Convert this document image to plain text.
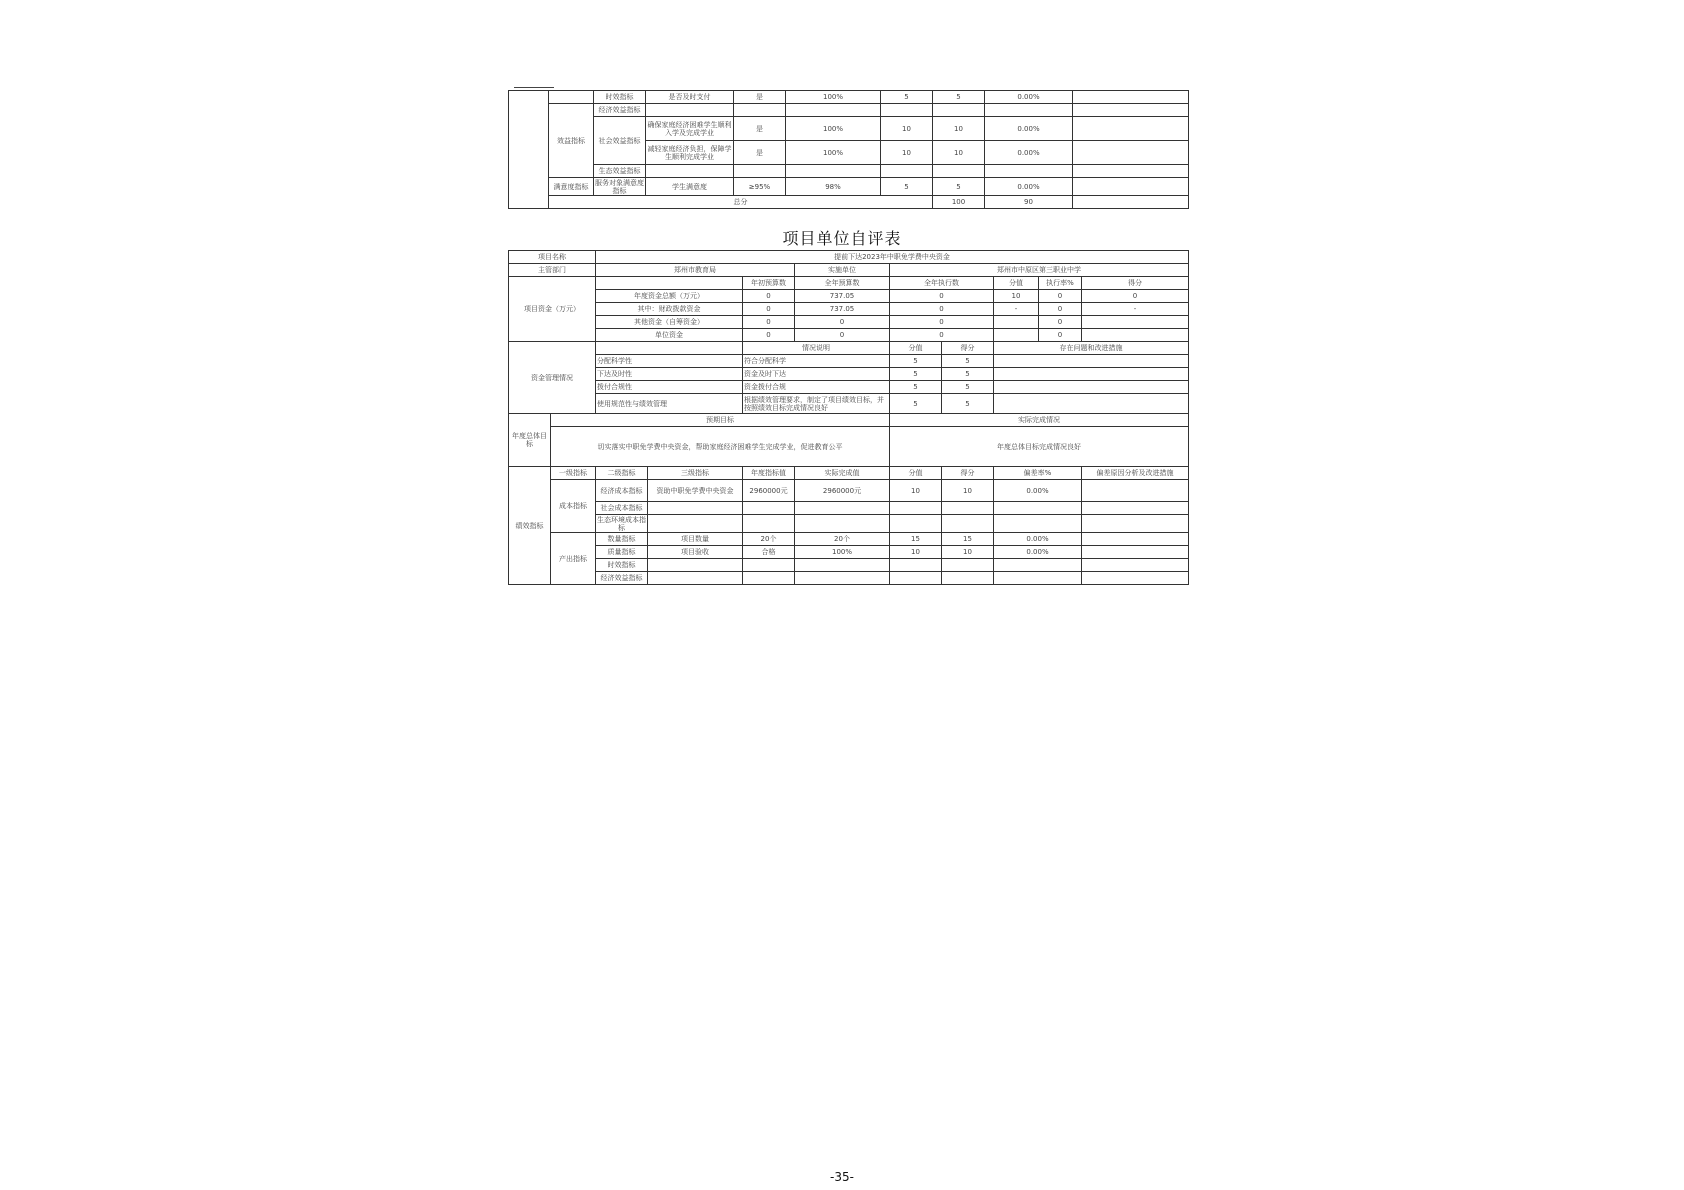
		时效指标	是否及时支付	是	100%	5	5	0.00%		
	效益指标	经济效益指标								
		社会效益指标	确保家庭经济困难学生顺利入学及完成学业	是	100%	10	10	0.00%		
			减轻家庭经济负担，保障学生顺利完成学业	是	100%	10	10	0.00%		
		生态效益指标								
	满意度指标	服务对象满意度指标	学生满意度	≥95%	98%	5	5	0.00%		
	总分						100	90		
项目单位自评表
项目名称		提前下达2023年中职免学费中央资金								
主管部门		郑州市教育局			实施单位	郑州市中原区第三职业中学				
项目资金（万元）				年初预算数	全年预算数	全年执行数		分值	执行率%	得分
		年度资金总额（万元）		0	737.05	0		10	0	0
		其中：财政拨款资金		0	737.05	0		-	0	-
		其他资金（自筹资金）		0	0	0			0	
		单位资金		0	0	0			0	
资金管理情况				情况说明		分值	得分	存在问题和改进措施		
		分配科学性		符合分配科学		5	5			
		下达及时性		资金及时下达		5	5			
		拨付合规性		资金拨付合规		5	5			
		使用规范性与绩效管理		根据绩效管理要求，制定了项目绩效目标，并按照绩效目标完成情况良好		5	5			
年度总体目标	预期目标					实际完成情况				
	切实落实中职免学费中央资金，帮助家庭经济困难学生完成学业，促进教育公平					年度总体目标完成情况良好				
绩效指标	一级指标	二级指标	三级指标	年度指标值	实际完成值	分值	得分	偏差率%		偏差原因分析及改进措施
	成本指标	经济成本指标	资助中职免学费中央资金	2960000元	2960000元	10	10	0.00%		
		社会成本指标								
		生态环境成本指标								
	产出指标	数量指标	项目数量	20个	20个	15	15	0.00%		
		质量指标	项目验收	合格	100%	10	10	0.00%		
		时效指标								
		经济效益指标								
-35-
